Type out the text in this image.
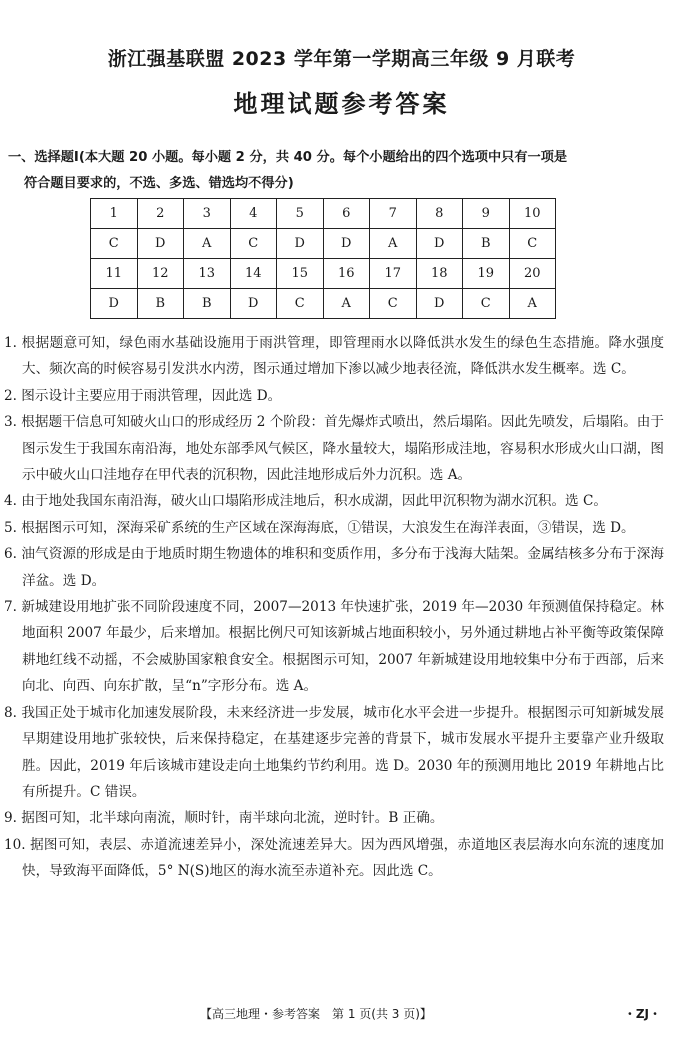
浙江强基联盟 2023 学年第一学期高三年级 9 月联考
地理试题参考答案
一、选择题Ⅰ(本大题 20 小题。每小题 2 分，共 40 分。每个小题给出的四个选项中只有一项是
符合题目要求的，不选、多选、错选均不得分)
1	2	3	4	5	6	7	8	9	10
C	D	A	C	D	D	A	D	B	C
11	12	13	14	15	16	17	18	19	20
D	B	B	D	C	A	C	D	C	A

1. 根据题意可知，绿色雨水基础设施用于雨洪管理，即管理雨水以降低洪水发生的绿色生态措施。降水强度大、频次高的时候容易引发洪水内涝，图示通过增加下渗以减少地表径流，降低洪水发生概率。选 C。

2. 图示设计主要应用于雨洪管理，因此选 D。

3. 根据题干信息可知破火山口的形成经历 2 个阶段：首先爆炸式喷出，然后塌陷。因此先喷发，后塌陷。由于图示发生于我国东南沿海，地处东部季风气候区，降水量较大，塌陷形成洼地，容易积水形成火山口湖，图示中破火山口洼地存在甲代表的沉积物，因此洼地形成后外力沉积。选 A。

4. 由于地处我国东南沿海，破火山口塌陷形成洼地后，积水成湖，因此甲沉积物为湖水沉积。选 C。

5. 根据图示可知，深海采矿系统的生产区域在深海海底，①错误，大浪发生在海洋表面，③错误，选 D。

6. 油气资源的形成是由于地质时期生物遗体的堆积和变质作用，多分布于浅海大陆架。金属结核多分布于深海洋盆。选 D。

7. 新城建设用地扩张不同阶段速度不同，2007—2013 年快速扩张，2019 年—2030 年预测值保持稳定。林地面积 2007 年最少，后来增加。根据比例尺可知该新城占地面积较小，另外通过耕地占补平衡等政策保障耕地红线不动摇，不会威胁国家粮食安全。根据图示可知，2007 年新城建设用地较集中分布于西部，后来向北、向西、向东扩散，呈“n”字形分布。选 A。

8. 我国正处于城市化加速发展阶段，未来经济进一步发展，城市化水平会进一步提升。根据图示可知新城发展早期建设用地扩张较快，后来保持稳定，在基建逐步完善的背景下，城市发展水平提升主要靠产业升级取胜。因此，2019 年后该城市建设走向土地集约节约利用。选 D。2030 年的预测用地比 2019 年耕地占比有所提升。C 错误。

9. 据图可知，北半球向南流，顺时针，南半球向北流，逆时针。B 正确。

10. 据图可知，表层、赤道流速差异小，深处流速差异大。因为西风增强，赤道地区表层海水向东流的速度加快，导致海平面降低，5° N(S)地区的海水流至赤道补充。因此选 C。

【高三地理・参考答案　第 1 页(共 3 页)】	・ZJ・
